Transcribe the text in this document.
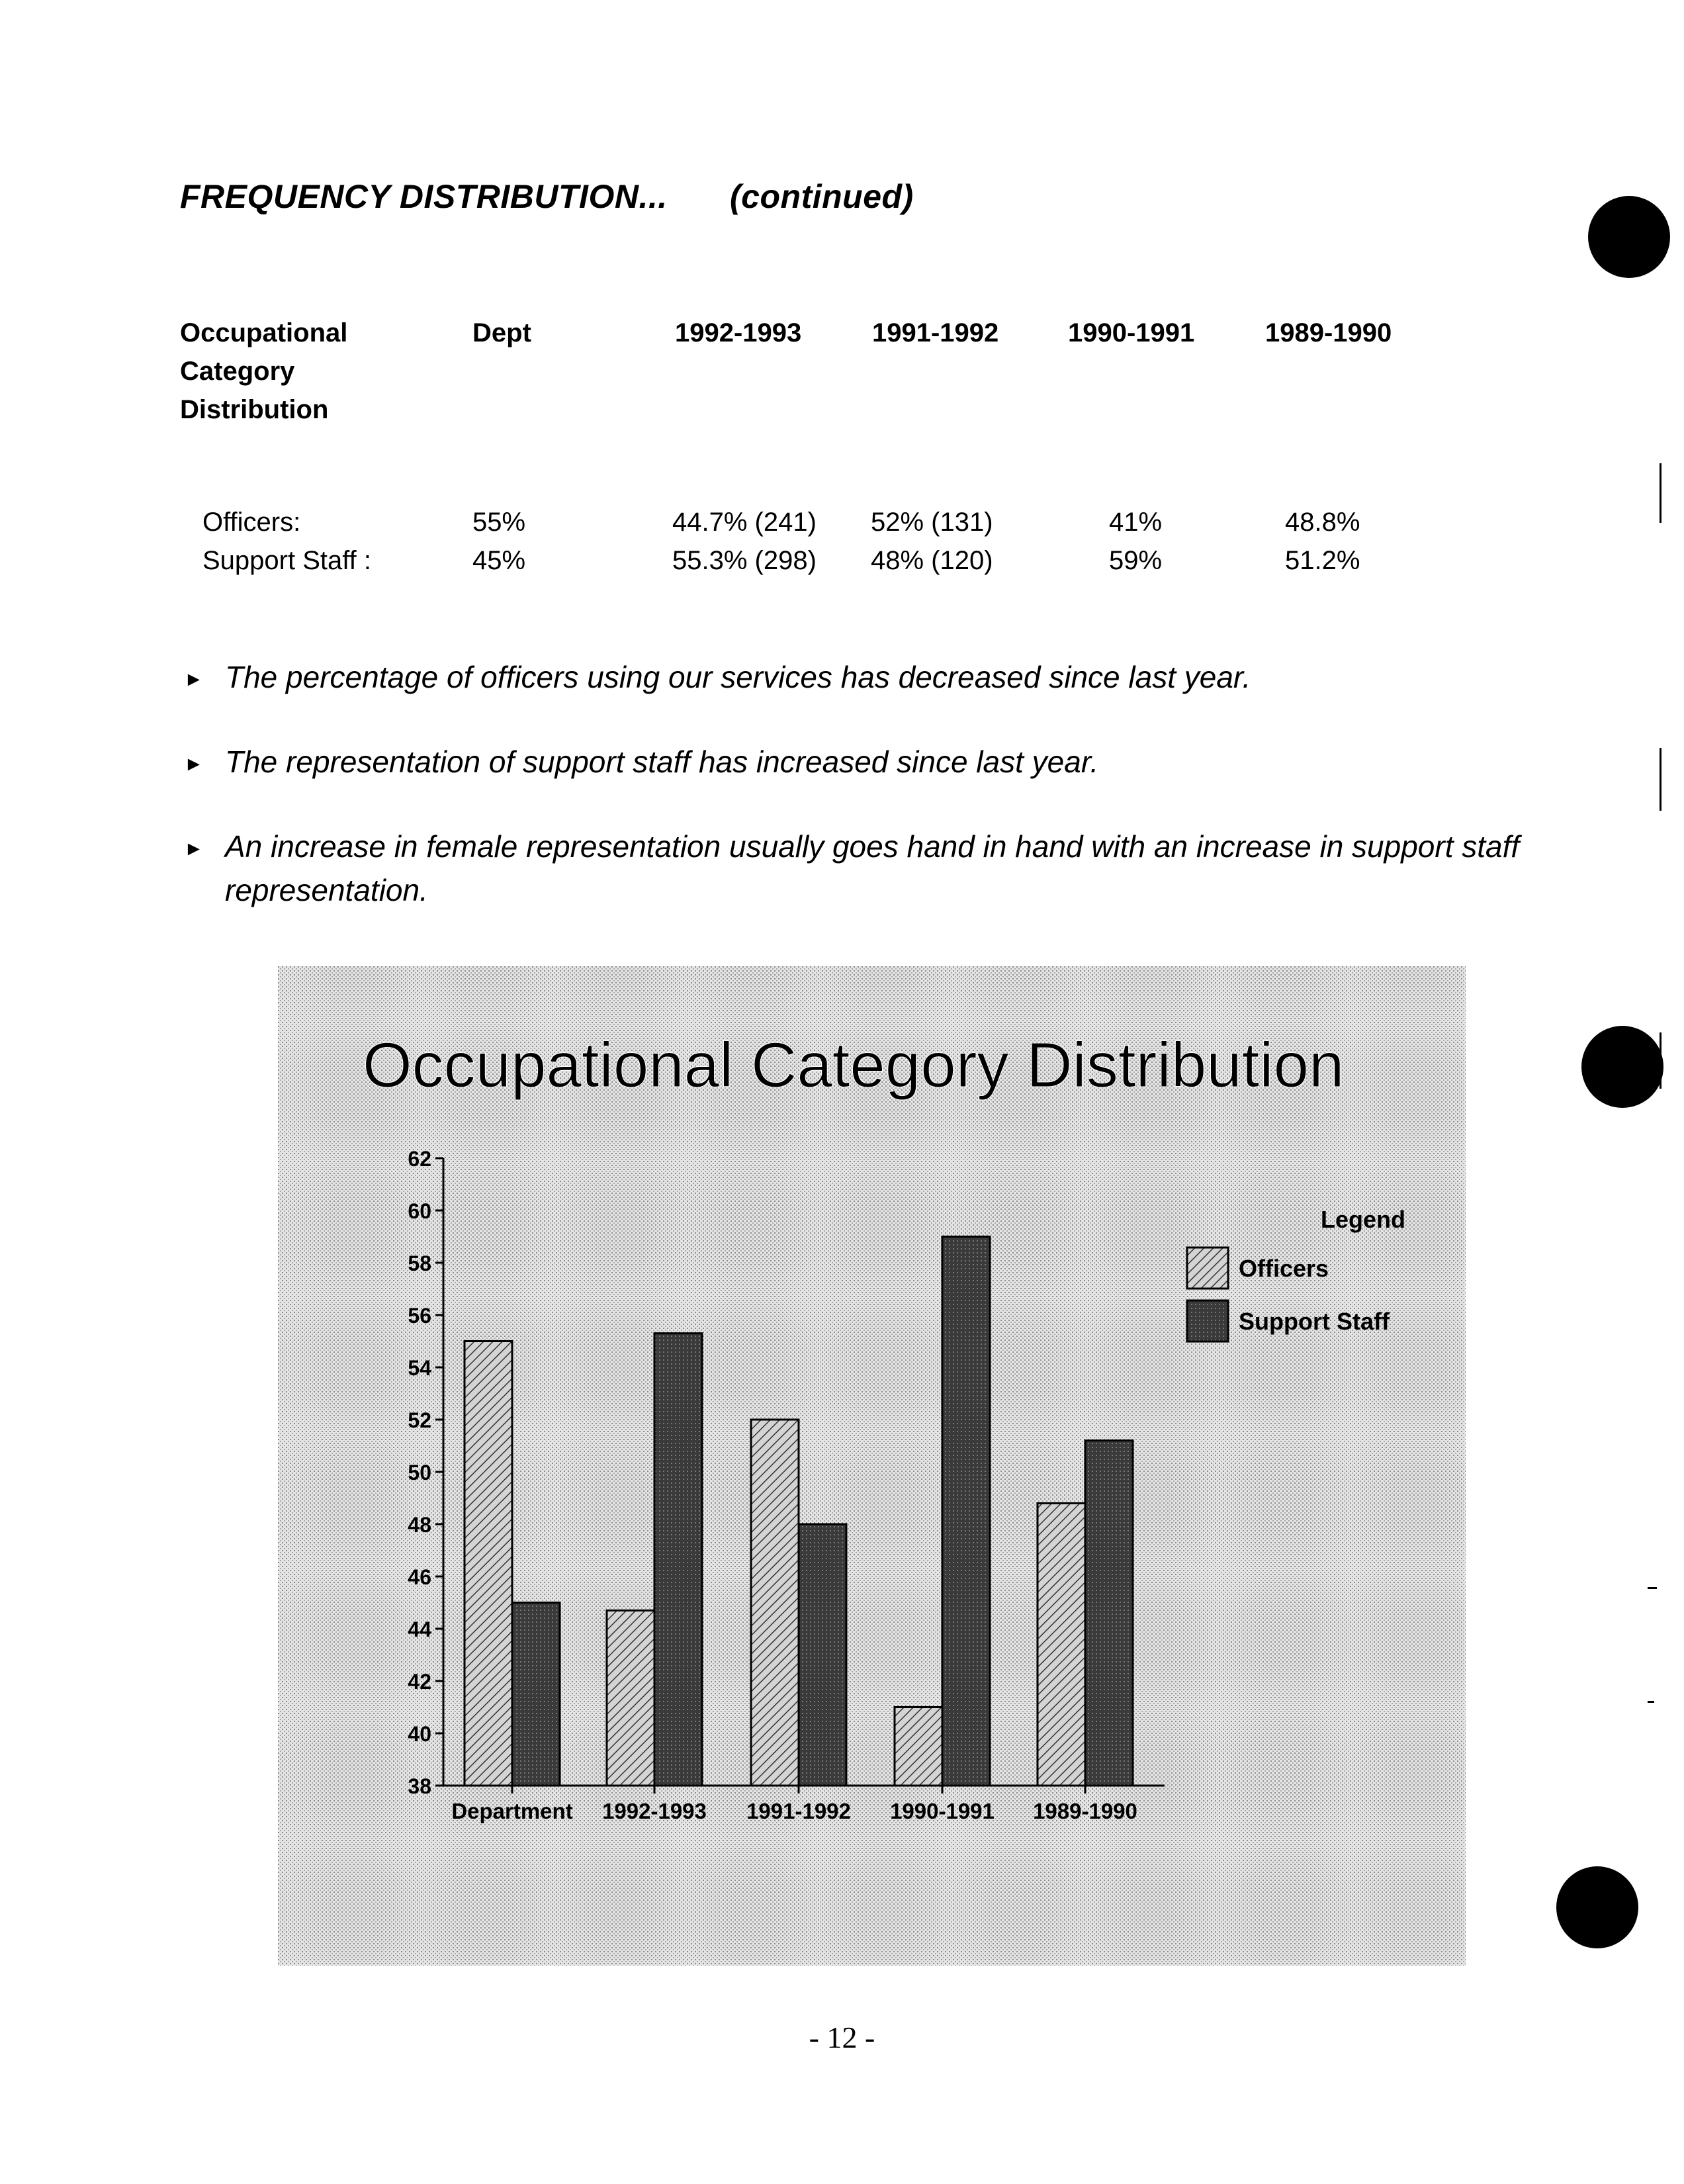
FREQUENCY DISTRIBUTION... (continued)
Occupational
Category
Distribution
Dept	1992-1993	1991-1992	1990-1991	1989-1990
Officers:	55%	44.7% (241) 52% (131)	41%	48.8%
Support Staff :	45%	55.3% (298) 48% (120)	59%	51.2%
► The percentage of officers using our services has decreased since last year.
► The representation of support staff has increased since last year.
► An increase in female representation usually goes hand in hand with an increase in support staff representation.
Occupational Category Distribution
38
40
42
44
46
48
50
52
54
56
58
60
62
Department 1992-1993 1991-1992 1990-1991 1989-1990
Legend
Officers
Support Staff
- 12 -
